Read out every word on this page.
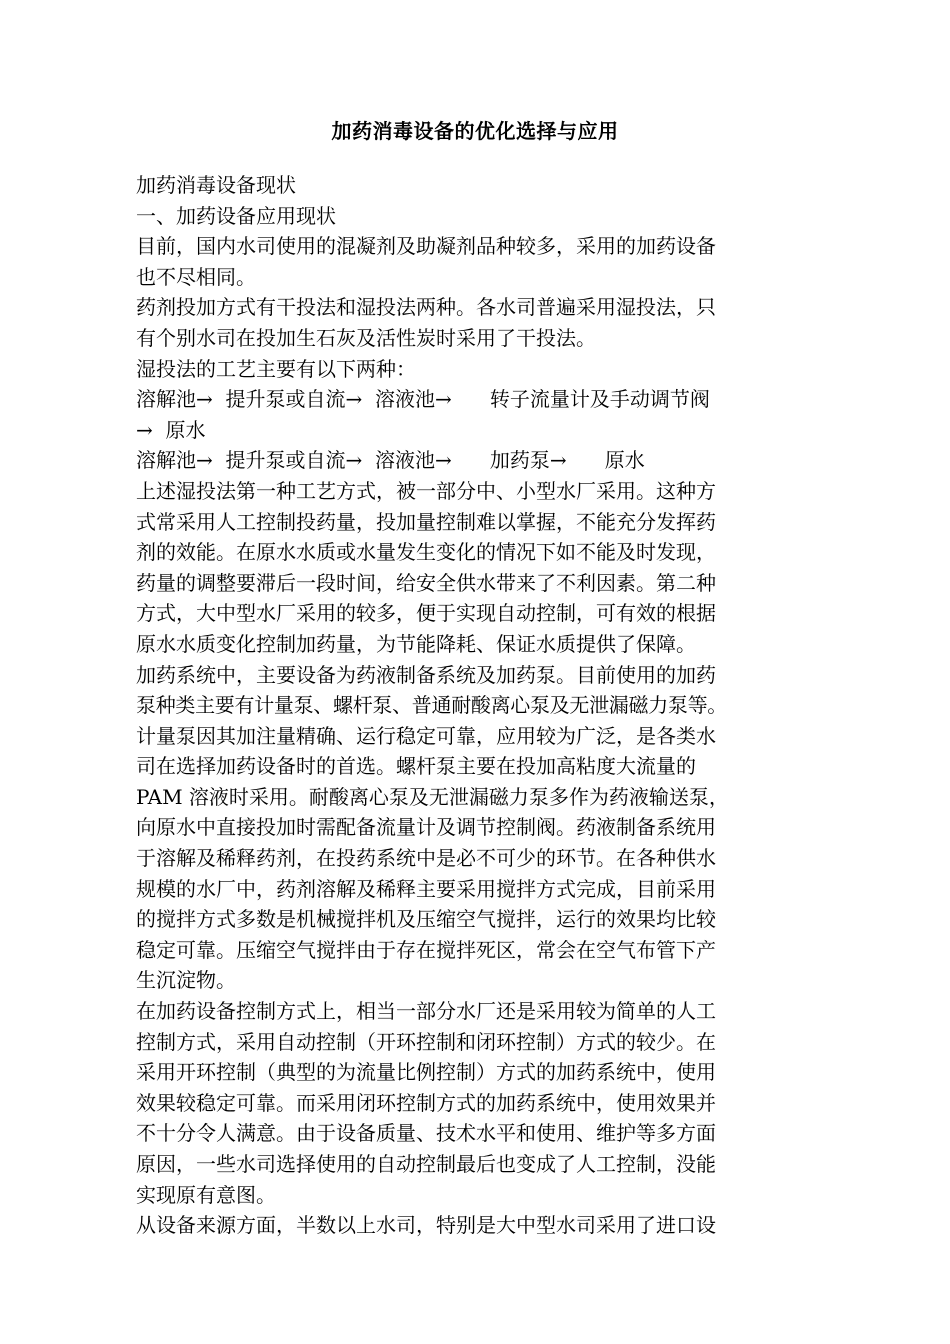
加药消毒设备的优化选择与应用
加药消毒设备现状
一、加药设备应用现状
目前，国内水司使用的混凝剂及助凝剂品种较多，采用的加药设备
也不尽相同。
药剂投加方式有干投法和湿投法两种。各水司普遍采用湿投法，只
有个别水司在投加生石灰及活性炭时采用了干投法。
湿投法的工艺主要有以下两种：
溶解池→  提升泵或自流→  溶液池→      转子流量计及手动调节阀
→  原水
溶解池→  提升泵或自流→  溶液池→      加药泵→      原水
上述湿投法第一种工艺方式，被一部分中、小型水厂采用。这种方
式常采用人工控制投药量，投加量控制难以掌握，不能充分发挥药
剂的效能。在原水水质或水量发生变化的情况下如不能及时发现，
药量的调整要滞后一段时间，给安全供水带来了不利因素。第二种
方式，大中型水厂采用的较多，便于实现自动控制，可有效的根据
原水水质变化控制加药量，为节能降耗、保证水质提供了保障。
加药系统中，主要设备为药液制备系统及加药泵。目前使用的加药
泵种类主要有计量泵、螺杆泵、普通耐酸离心泵及无泄漏磁力泵等。
计量泵因其加注量精确、运行稳定可靠，应用较为广泛，是各类水
司在选择加药设备时的首选。螺杆泵主要在投加高粘度大流量的
PAM 溶液时采用。耐酸离心泵及无泄漏磁力泵多作为药液输送泵，
向原水中直接投加时需配备流量计及调节控制阀。药液制备系统用
于溶解及稀释药剂，在投药系统中是必不可少的环节。在各种供水
规模的水厂中，药剂溶解及稀释主要采用搅拌方式完成，目前采用
的搅拌方式多数是机械搅拌机及压缩空气搅拌，运行的效果均比较
稳定可靠。压缩空气搅拌由于存在搅拌死区，常会在空气布管下产
生沉淀物。
在加药设备控制方式上，相当一部分水厂还是采用较为简单的人工
控制方式，采用自动控制（开环控制和闭环控制）方式的较少。在
采用开环控制（典型的为流量比例控制）方式的加药系统中，使用
效果较稳定可靠。而采用闭环控制方式的加药系统中，使用效果并
不十分令人满意。由于设备质量、技术水平和使用、维护等多方面
原因，一些水司选择使用的自动控制最后也变成了人工控制，没能
实现原有意图。
从设备来源方面，半数以上水司，特别是大中型水司采用了进口设
